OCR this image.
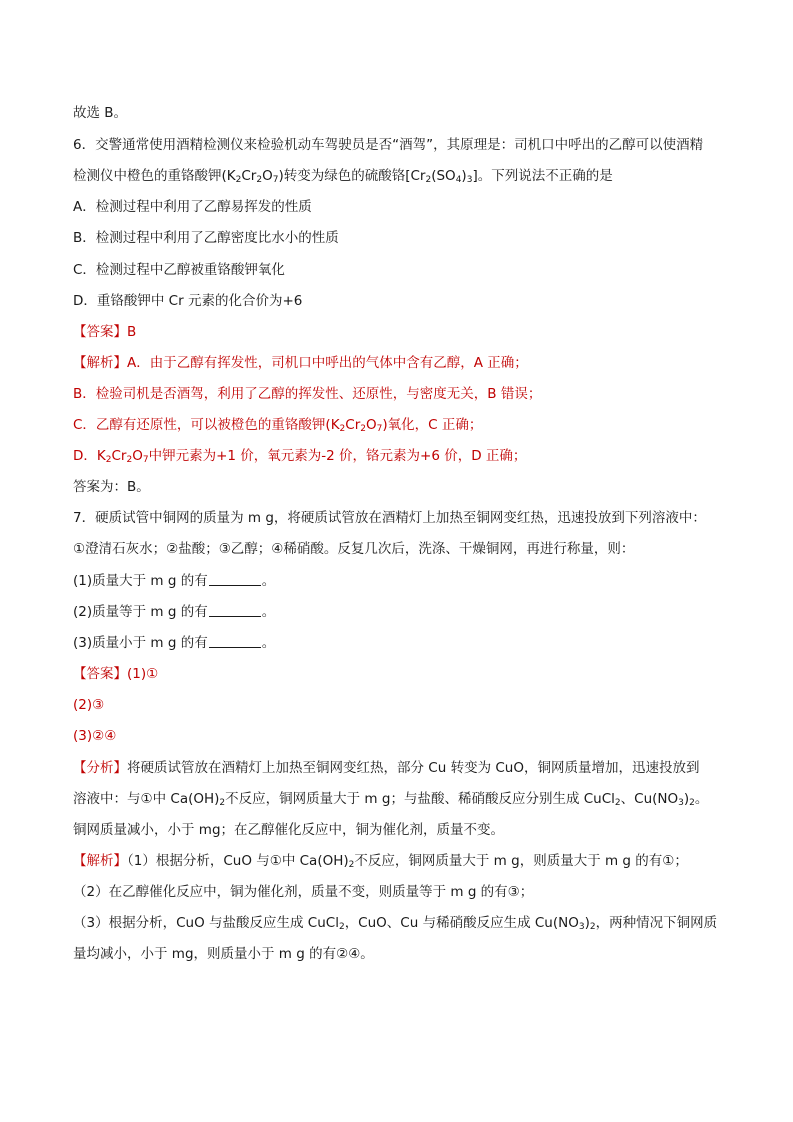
故选 B。
6．交警通常使用酒精检测仪来检验机动车驾驶员是否“酒驾”，其原理是：司机口中呼出的乙醇可以使酒精
检测仪中橙色的重铬酸钾$(K_2Cr_2O_7)$转变为绿色的硫酸铬$[Cr_2(SO_4)_3]$。下列说法不正确的是
A．检测过程中利用了乙醇易挥发的性质
B．检测过程中利用了乙醇密度比水小的性质
C．检测过程中乙醇被重铬酸钾氧化
D．重铬酸钾中 Cr 元素的化合价为+6
【答案】B
【解析】A．由于乙醇有挥发性，司机口中呼出的气体中含有乙醇，A 正确；
B．检验司机是否酒驾，利用了乙醇的挥发性、还原性，与密度无关，B 错误；
C．乙醇有还原性，可以被橙色的重铬酸钾$(K_2Cr_2O_7)$氧化，C 正确；
D．$K_2Cr_2O_7$中钾元素为+1 价，氧元素为-2 价，铬元素为+6 价，D 正确；
答案为：B。
7．硬质试管中铜网的质量为 m g，将硬质试管放在酒精灯上加热至铜网变红热，迅速投放到下列溶液中：
①澄清石灰水；②盐酸；③乙醇；④稀硝酸。反复几次后，洗涤、干燥铜网，再进行称量，则：
(1)质量大于 m g 的有	。
(2)质量等于 m g 的有	。
(3)质量小于 m g 的有	。
【答案】(1)①
(2)③
(3)②④
【分析】将硬质试管放在酒精灯上加热至铜网变红热，部分 Cu 转变为 CuO，铜网质量增加，迅速投放到
溶液中：与①中 $Ca(OH)_2$不反应，铜网质量大于 m g；与盐酸、稀硝酸反应分别生成 CuCl$_2$、$Cu(NO_3)_2$。
铜网质量减小，小于 mg；在乙醇催化反应中，铜为催化剂，质量不变。
【解析】（1）根据分析，CuO 与①中 $Ca(OH)_2$不反应，铜网质量大于 m g，则质量大于 m g 的有①；
（2）在乙醇催化反应中，铜为催化剂，质量不变，则质量等于 m g 的有③；
（3）根据分析，CuO 与盐酸反应生成 CuCl$_2$，CuO、Cu 与稀硝酸反应生成 $Cu(NO_3)_2$，两种情况下铜网质
量均减小，小于 mg，则质量小于 m g 的有②④。
